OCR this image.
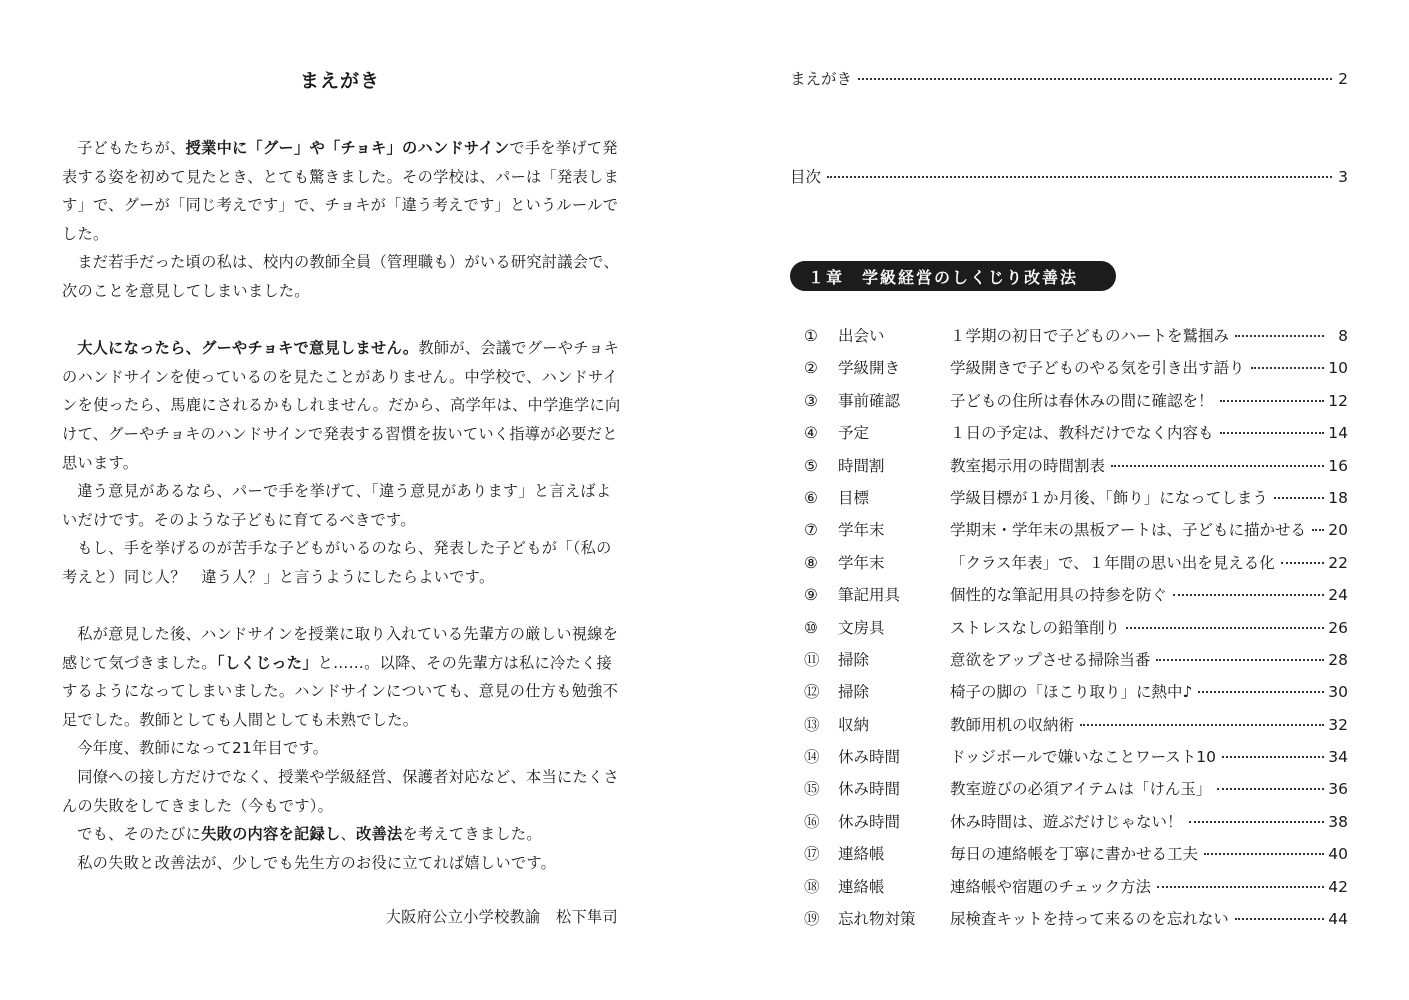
まえがき

子どもたちが、授業中に「グー」や「チョキ」のハンドサインで手を挙げて発表する姿を初めて見たとき、とても驚きました。その学校は、パーは「発表します」で、グーが「同じ考えです」で、チョキが「違う考えです」というルールでした。

まだ若手だった頃の私は、校内の教師全員（管理職も）がいる研究討議会で、次のことを意見してしまいました。

大人になったら、グーやチョキで意見しません。教師が、会議でグーやチョキのハンドサインを使っているのを見たことがありません。中学校で、ハンドサインを使ったら、馬鹿にされるかもしれません。だから、高学年は、中学進学に向けて、グーやチョキのハンドサインで発表する習慣を抜いていく指導が必要だと思います。

違う意見があるなら、パーで手を挙げて、「違う意見があります」と言えばよいだけです。そのような子どもに育てるべきです。

もし、手を挙げるのが苦手な子どもがいるのなら、発表した子どもが「（私の考えと）同じ人？　違う人？」と言うようにしたらよいです。

私が意見した後、ハンドサインを授業に取り入れている先輩方の厳しい視線を感じて気づきました。「しくじった」と……。以降、その先輩方は私に冷たく接するようになってしまいました。ハンドサインについても、意見の仕方も勉強不足でした。教師としても人間としても未熟でした。

今年度、教師になって21年目です。

同僚への接し方だけでなく、授業や学級経営、保護者対応など、本当にたくさんの失敗をしてきました（今もです）。

でも、そのたびに失敗の内容を記録し、改善法を考えてきました。

私の失敗と改善法が、少しでも先生方のお役に立てれば嬉しいです。

大阪府公立小学校教諭　松下隼司
まえがき	2
目次	3
１章　学級経営のしくじり改善法
①	出会い	１学期の初日で子どものハートを鷲掴み	8
②	学級開き	学級開きで子どものやる気を引き出す語り	10
③	事前確認	子どもの住所は春休みの間に確認を！	12
④	予定	１日の予定は、教科だけでなく内容も	14
⑤	時間割	教室掲示用の時間割表	16
⑥	目標	学級目標が１か月後、「飾り」になってしまう	18
⑦	学年末	学期末・学年末の黒板アートは、子どもに描かせる 20
⑧	学年末	「クラス年表」で、１年間の思い出を見える化	22
⑨	筆記用具	個性的な筆記用具の持参を防ぐ	24
⑩	文房具	ストレスなしの鉛筆削り	26
⑪	掃除	意欲をアップさせる掃除当番	28
⑫	掃除	椅子の脚の「ほこり取り」に熱中♪	30
⑬	収納	教師用机の収納術	32
⑭	休み時間	ドッジボールで嫌いなことワースト10	34
⑮	休み時間	教室遊びの必須アイテムは「けん玉」	36
⑯	休み時間	休み時間は、遊ぶだけじゃない！	38
⑰	連絡帳	毎日の連絡帳を丁寧に書かせる工夫	40
⑱	連絡帳	連絡帳や宿題のチェック方法	42
⑲	忘れ物対策	尿検査キットを持って来るのを忘れない	44
